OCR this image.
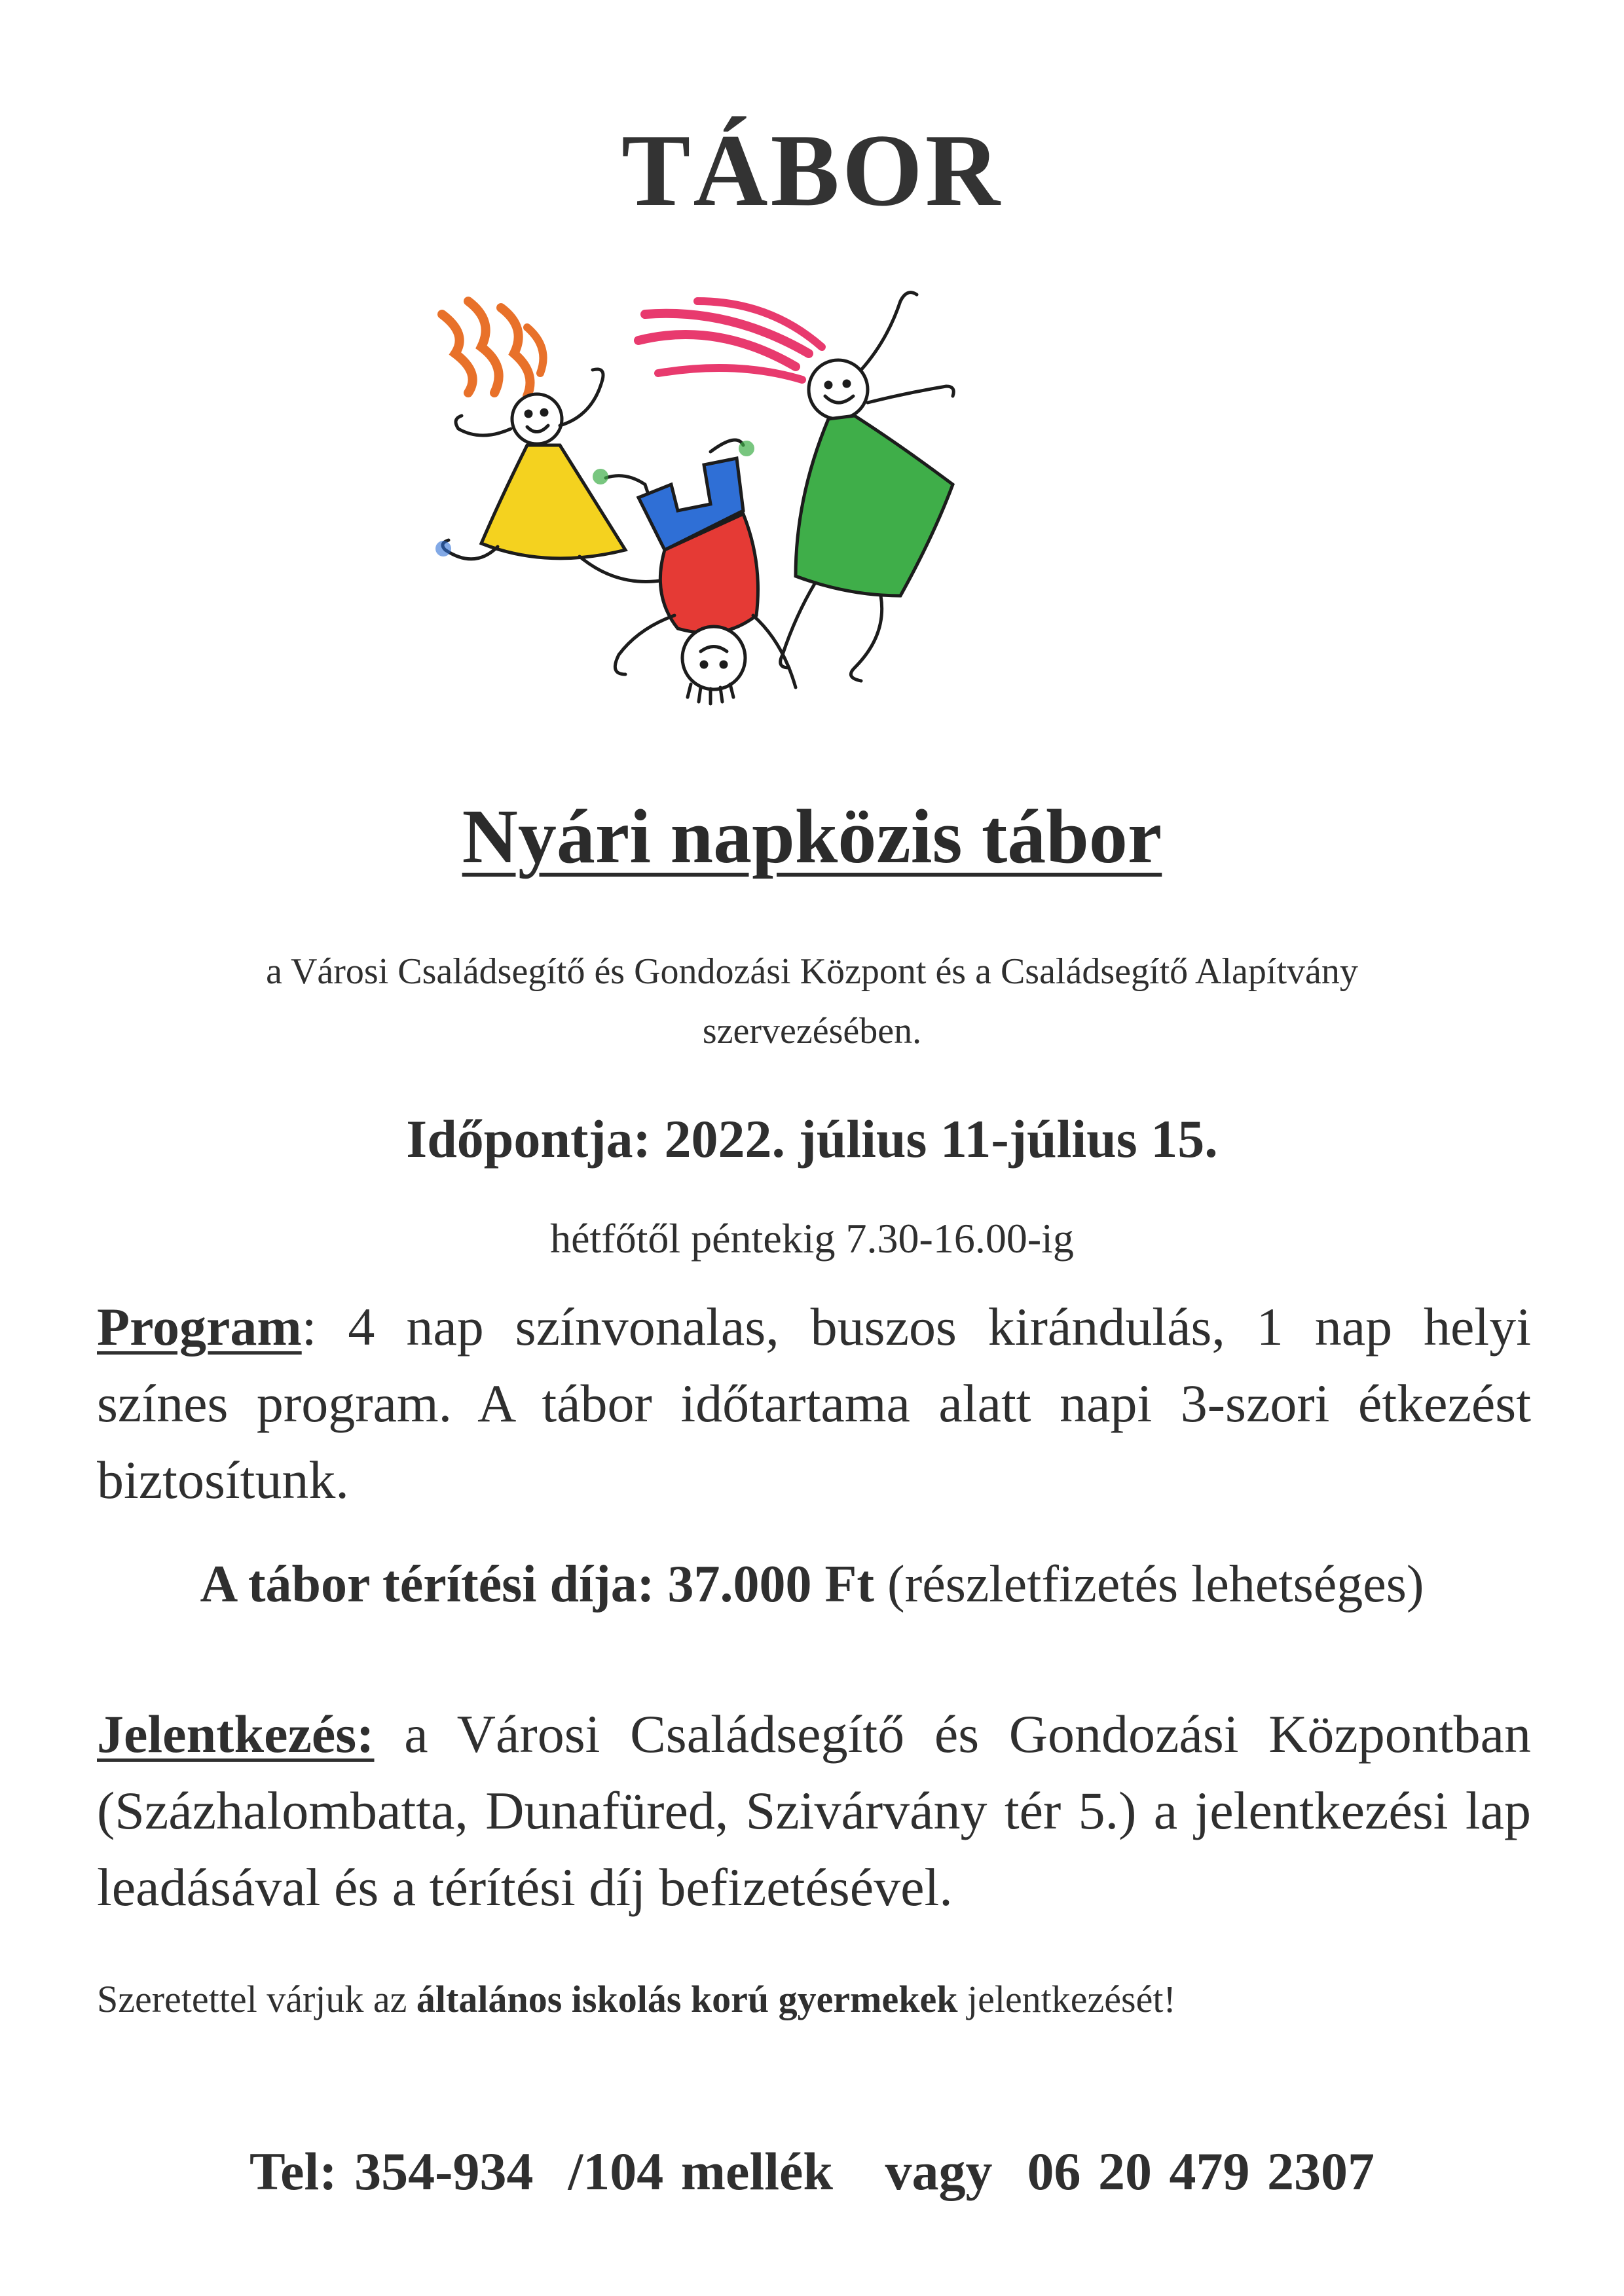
TÁBOR
Nyári napközis tábor
a Városi Családsegítő és Gondozási Központ és a Családsegítő Alapítvány
szervezésében.
Időpontja: 2022. július 11-július 15.
hétfőtől péntekig 7.30-16.00-ig
Program: 4 nap színvonalas, buszos kirándulás, 1 nap helyi színes program. A tábor időtartama alatt napi 3-szori étkezést biztosítunk.
A tábor térítési díja: 37.000 Ft (részletfizetés lehetséges)
Jelentkezés: a Városi Családsegítő és Gondozási Központban (Százhalombatta, Dunafüred, Szivárvány tér 5.) a jelentkezési lap leadásával és a térítési díj befizetésével.
Szeretettel várjuk az általános iskolás korú gyermekek jelentkezését!
Tel: 354-934 /104 mellék vagy 06 20 479 2307
